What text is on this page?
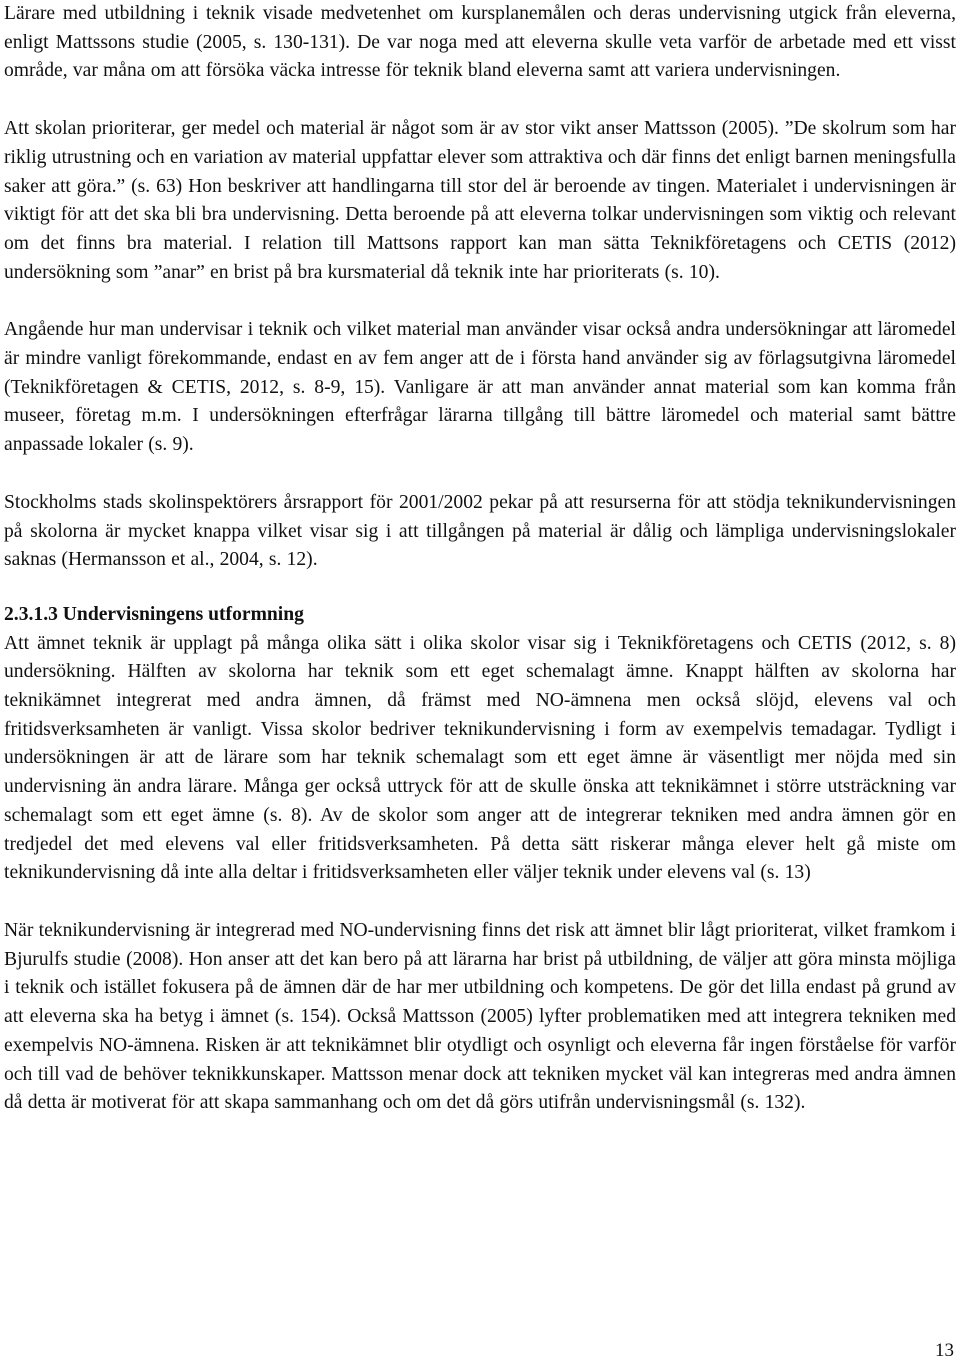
Lärare med utbildning i teknik visade medvetenhet om kursplanemålen och deras undervisning utgick från eleverna, enligt Mattssons studie (2005, s. 130-131). De var noga med att eleverna skulle veta varför de arbetade med ett visst område, var måna om att försöka väcka intresse för teknik bland eleverna samt att variera undervisningen.

Att skolan prioriterar, ger medel och material är något som är av stor vikt anser Mattsson (2005). ”De skolrum som har riklig utrustning och en variation av material uppfattar elever som attraktiva och där finns det enligt barnen meningsfulla saker att göra.” (s. 63) Hon beskriver att handlingarna till stor del är beroende av tingen. Materialet i undervisningen är viktigt för att det ska bli bra undervisning. Detta beroende på att eleverna tolkar undervisningen som viktig och relevant om det finns bra material. I relation till Mattsons rapport kan man sätta Teknikföretagens och CETIS (2012) undersökning som ”anar” en brist på bra kursmaterial då teknik inte har prioriterats (s. 10).

Angående hur man undervisar i teknik och vilket material man använder visar också andra undersökningar att läromedel är mindre vanligt förekommande, endast en av fem anger att de i första hand använder sig av förlagsutgivna läromedel (Teknikföretagen & CETIS, 2012, s. 8-9, 15). Vanligare är att man använder annat material som kan komma från museer, företag m.m. I undersökningen efterfrågar lärarna tillgång till bättre läromedel och material samt bättre anpassade lokaler (s. 9).

Stockholms stads skolinspektörers årsrapport för 2001/2002 pekar på att resurserna för att stödja teknikundervisningen på skolorna är mycket knappa vilket visar sig i att tillgången på material är dålig och lämpliga undervisningslokaler saknas (Hermansson et al., 2004, s. 12).

2.3.1.3 Undervisningens utformning

Att ämnet teknik är upplagt på många olika sätt i olika skolor visar sig i Teknikföretagens och CETIS (2012, s. 8) undersökning. Hälften av skolorna har teknik som ett eget schemalagt ämne. Knappt hälften av skolorna har teknikämnet integrerat med andra ämnen, då främst med NO-ämnena men också slöjd, elevens val och fritidsverksamheten är vanligt. Vissa skolor bedriver teknikundervisning i form av exempelvis temadagar. Tydligt i undersökningen är att de lärare som har teknik schemalagt som ett eget ämne är väsentligt mer nöjda med sin undervisning än andra lärare. Många ger också uttryck för att de skulle önska att teknikämnet i större utsträckning var schemalagt som ett eget ämne (s. 8). Av de skolor som anger att de integrerar tekniken med andra ämnen gör en tredjedel det med elevens val eller fritidsverksamheten. På detta sätt riskerar många elever helt gå miste om teknikundervisning då inte alla deltar i fritidsverksamheten eller väljer teknik under elevens val (s. 13)

När teknikundervisning är integrerad med NO-undervisning finns det risk att ämnet blir lågt prioriterat, vilket framkom i Bjurulfs studie (2008). Hon anser att det kan bero på att lärarna har brist på utbildning, de väljer att göra minsta möjliga i teknik och istället fokusera på de ämnen där de har mer utbildning och kompetens. De gör det lilla endast på grund av att eleverna ska ha betyg i ämnet (s. 154). Också Mattsson (2005) lyfter problematiken med att integrera tekniken med exempelvis NO-ämnena. Risken är att teknikämnet blir otydligt och osynligt och eleverna får ingen förståelse för varför och till vad de behöver teknikkunskaper. Mattsson menar dock att tekniken mycket väl kan integreras med andra ämnen då detta är motiverat för att skapa sammanhang och om det då görs utifrån undervisningsmål (s. 132).

13
